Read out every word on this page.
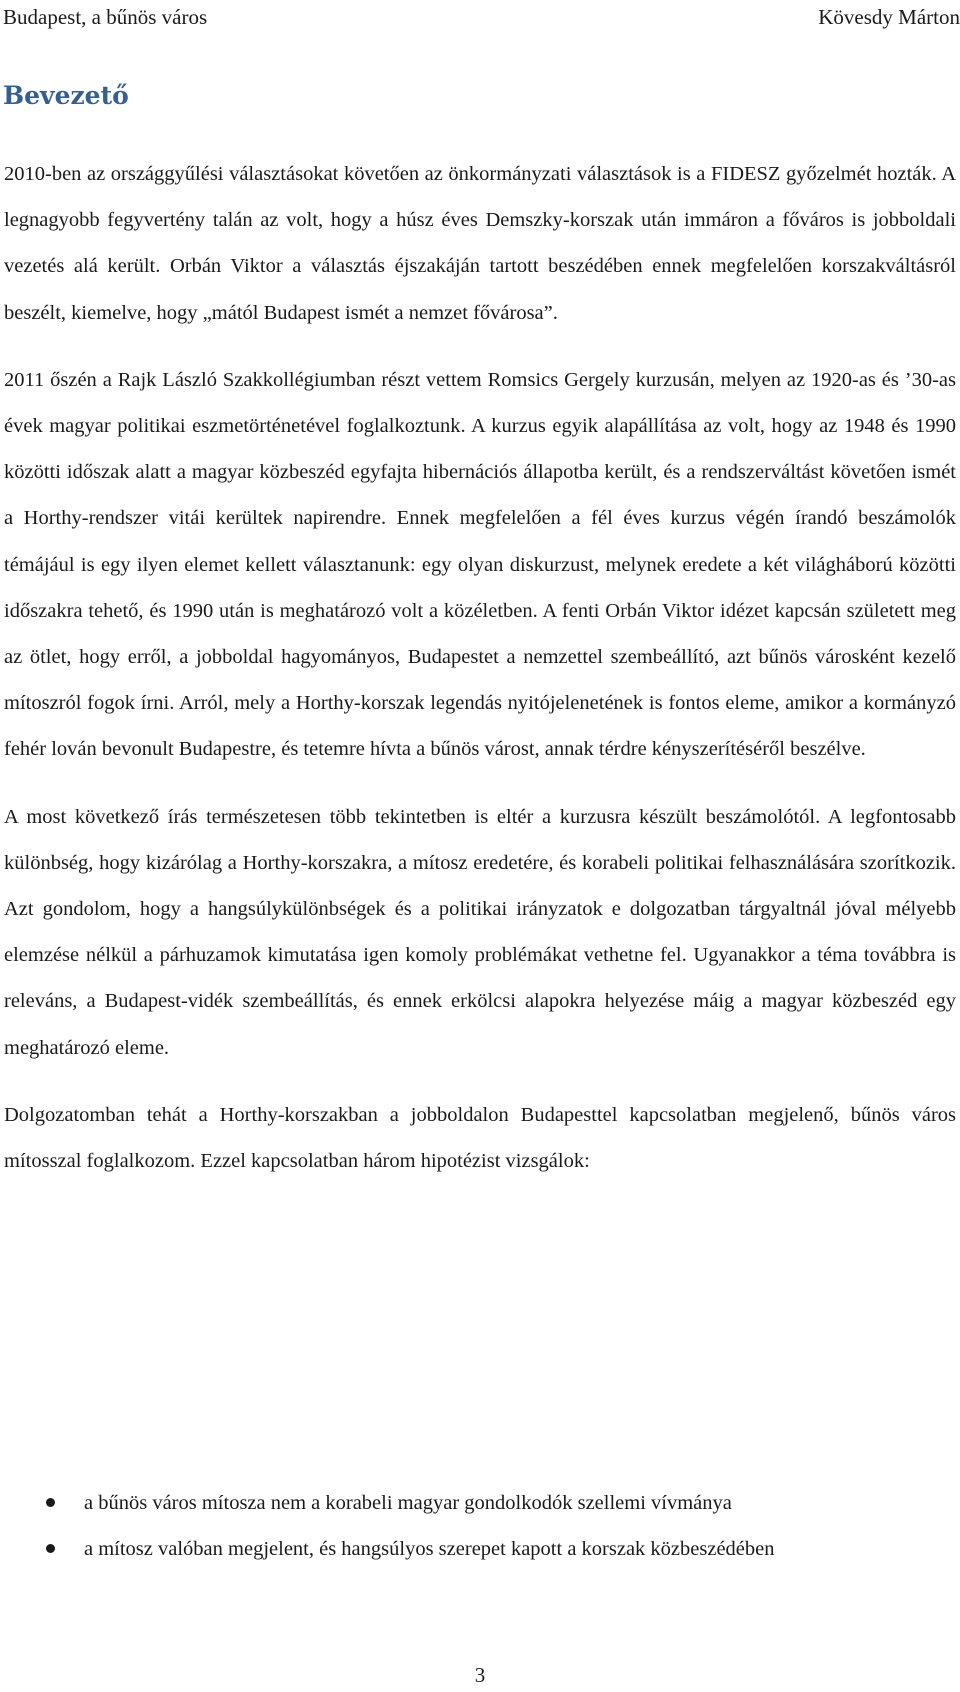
Budapest, a bűnös város	Kövesdy Márton
Bevezető

2010-ben az országgyűlési választásokat követően az önkormányzati választások is a FIDESZ győzelmét hozták. A legnagyobb fegyvertény talán az volt, hogy a húsz éves Demszky-korszak után immáron a főváros is jobboldali vezetés alá került. Orbán Viktor a választás éjszakáján tartott beszédében ennek megfelelően korszakváltásról beszélt, kiemelve, hogy „mától Budapest ismét a nemzet fővárosa”.

2011 őszén a Rajk László Szakkollégiumban részt vettem Romsics Gergely kurzusán, melyen az 1920-as és ’30-as évek magyar politikai eszmetörténetével foglalkoztunk. A kurzus egyik alapállítása az volt, hogy az 1948 és 1990 közötti időszak alatt a magyar közbeszéd egyfajta hibernációs állapotba került, és a rendszerváltást követően ismét a Horthy-rendszer vitái kerültek napirendre. Ennek megfelelően a fél éves kurzus végén írandó beszámolók témájául is egy ilyen elemet kellett választanunk: egy olyan diskurzust, melynek eredete a két világháború közötti időszakra tehető, és 1990 után is meghatározó volt a közéletben. A fenti Orbán Viktor idézet kapcsán született meg az ötlet, hogy erről, a jobboldal hagyományos, Budapestet a nemzettel szembeállító, azt bűnös városként kezelő mítoszról fogok írni. Arról, mely a Horthy-korszak legendás nyitójelenetének is fontos eleme, amikor a kormányzó fehér lován bevonult Budapestre, és tetemre hívta a bűnös várost, annak térdre kényszerítéséről beszélve.

A most következő írás természetesen több tekintetben is eltér a kurzusra készült beszámolótól. A legfontosabb különbség, hogy kizárólag a Horthy-korszakra, a mítosz eredetére, és korabeli politikai felhasználására szorítkozik. Azt gondolom, hogy a hangsúlykülönbségek és a politikai irányzatok e dolgozatban tárgyaltnál jóval mélyebb elemzése nélkül a párhuzamok kimutatása igen komoly problémákat vethetne fel. Ugyanakkor a téma továbbra is releváns, a Budapest-vidék szembeállítás, és ennek erkölcsi alapokra helyezése máig a magyar közbeszéd egy meghatározó eleme.

Dolgozatomban tehát a Horthy-korszakban a jobboldalon Budapesttel kapcsolatban megjelenő, bűnös város mítosszal foglalkozom. Ezzel kapcsolatban három hipotézist vizsgálok:

a bűnös város mítosza nem a korabeli magyar gondolkodók szellemi vívmánya
a mítosz valóban megjelent, és hangsúlyos szerepet kapott a korszak közbeszédében
3
